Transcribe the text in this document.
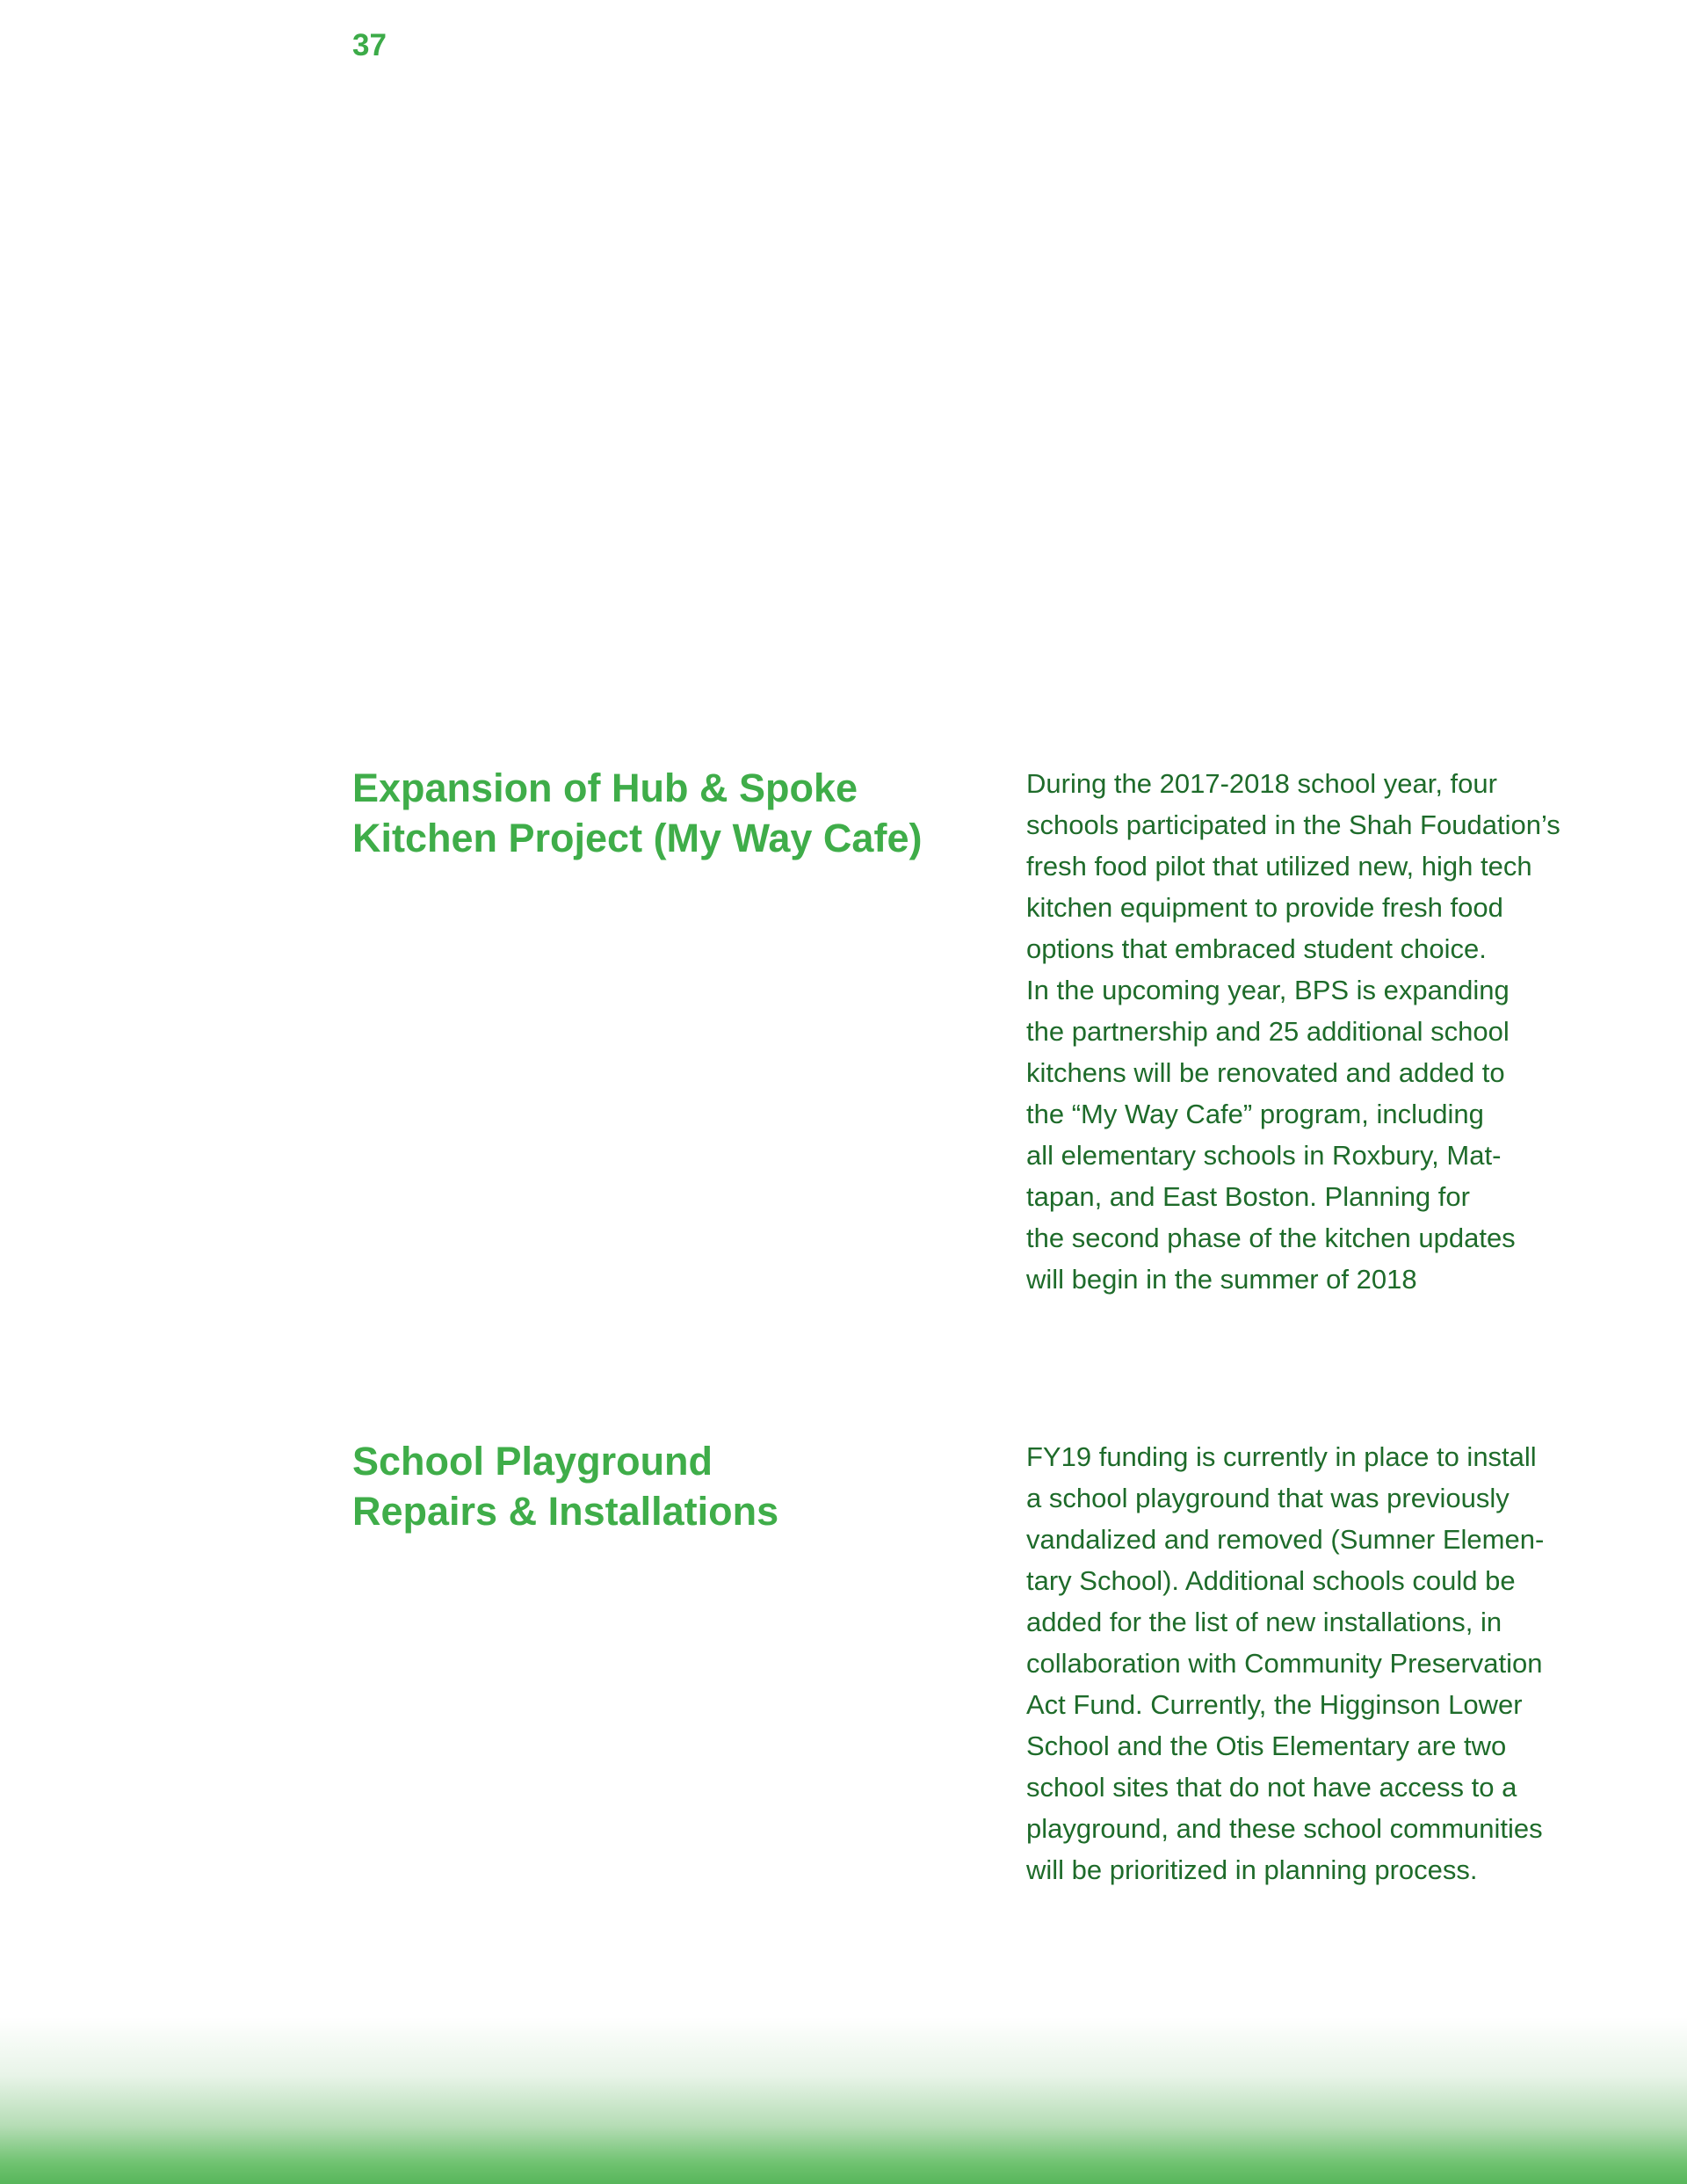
37
Expansion of Hub & Spoke
Kitchen Project (My Way Cafe)

During the 2017-2018 school year, four
schools participated in the Shah Foudation’s
fresh food pilot that utilized new, high tech
kitchen equipment to provide fresh food
options that embraced student choice.
In the upcoming year, BPS is expanding
the partnership and 25 additional school
kitchens will be renovated and added to
the “My Way Cafe” program, including
all elementary schools in Roxbury, Mat-
tapan, and East Boston. Planning for
the second phase of the kitchen updates
will begin in the summer of 2018

School Playground
Repairs & Installations

FY19 funding is currently in place to install
a school playground that was previously
vandalized and removed (Sumner Elemen-
tary School). Additional schools could be
added for the list of new installations, in
collaboration with Community Preservation
Act Fund. Currently, the Higginson Lower
School and the Otis Elementary are two
school sites that do not have access to a
playground, and these school communities
will be prioritized in planning process.
